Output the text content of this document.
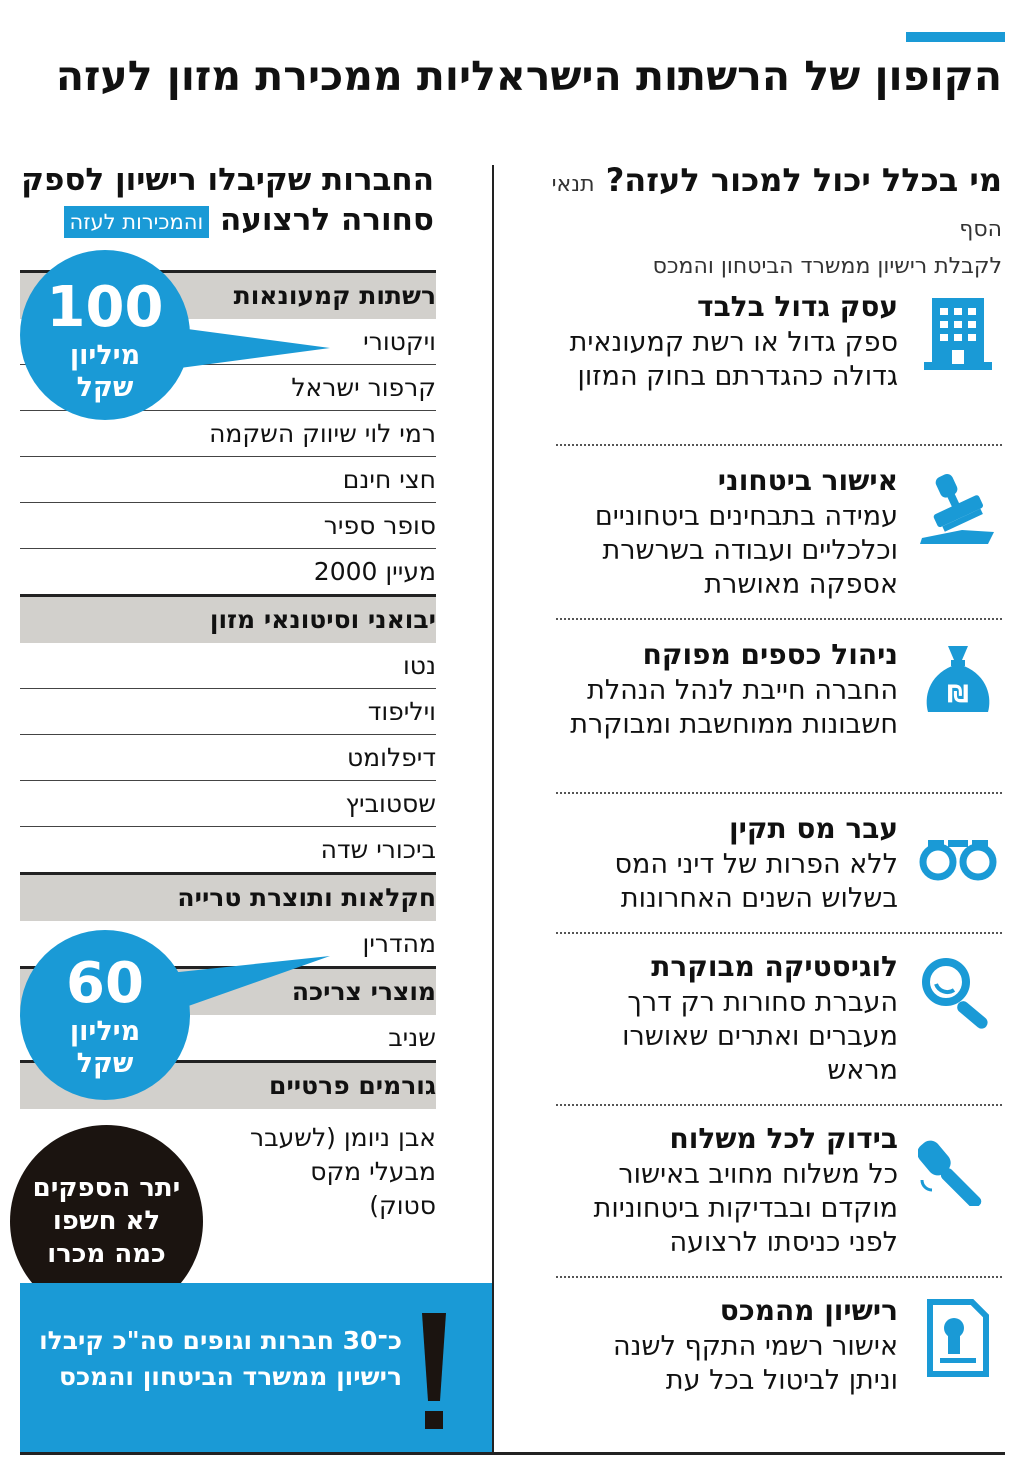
הקופון של הרשתות הישראליות ממכירת מזון לעזה
מי בכלל יכול למכור לעזה? תנאי הסף
לקבלת רישיון ממשרד הביטחון והמכס
עסק גדול בלבד
ספק גדול או רשת קמעונאית גדולה כהגדרתם בחוק המזון
אישור ביטחוני
עמידה בתבחינים ביטחוניים וכלכליים ועבודה בשרשרת אספקה מאושרת
₪
ניהול כספים מפוקח
החברה חייבת לנהל הנהלת חשבונות ממוחשבת ומבוקרת
עבר מס תקין
ללא הפרות של דיני המס בשלוש השנים האחרונות
לוגיסטיקה מבוקרת
העברת סחורות רק דרך מעברים ואתרים שאושרו מראש
בידוק לכל משלוח
כל משלוח מחויב באישור מוקדם ובבדיקות ביטחוניות לפני כניסתו לרצועה
רישיון מהמכס
אישור רשמי התקף לשנה וניתן לביטול בכל עת
החברות שקיבלו רישיון לספק
סחורה לרצועה והמכירות לעזה
רשתות קמעונאות
ויקטורי
קרפור ישראל
רמי לוי שיווק השקמה
חצי חינם
סופר ספיר
מעיין 2000
יבואני וסיטונאי מזון
נטו
ויליפוד
דיפלומט
שסטוביץ
ביכורי שדה
חקלאות ותוצרת טרייה
מהדרין
מוצרי צריכה
שניב
גורמים פרטיים
אבן ניומן (לשעבר מבעלי מקס סטוק)
100
מיליון
שקל
60
מיליון
שקל
יתר הספקים לא חשפו כמה מכרו
כ־30 חברות וגופים סה"כ קיבלו רישיון ממשרד הביטחון והמכס
